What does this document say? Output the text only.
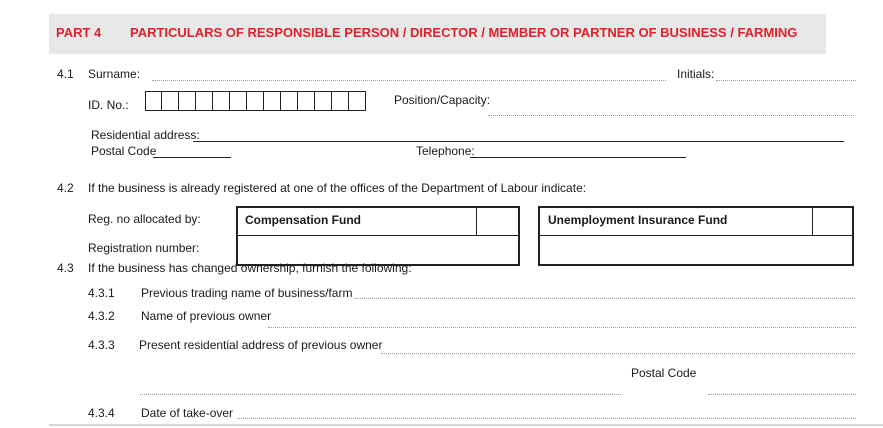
PART 4 PARTICULARS OF RESPONSIBLE PERSON / DIRECTOR / MEMBER OR PARTNER OF BUSINESS / FARMING
4.1 Surname:	Initials:
ID. No.:	Position/Capacity:
Residential address:
Postal Code	Telephone:
4.2 If the business is already registered at one of the offices of the Department of Labour indicate:
Reg. no allocated by:
Registration number:
Compensation Fund	Unemployment Insurance Fund
4.3 If the business has changed ownership, furnish the following:
4.3.1 Previous trading name of business/farm
4.3.2 Name of previous owner
4.3.3 Present residential address of previous owner
Postal Code
4.3.4 Date of take-over
